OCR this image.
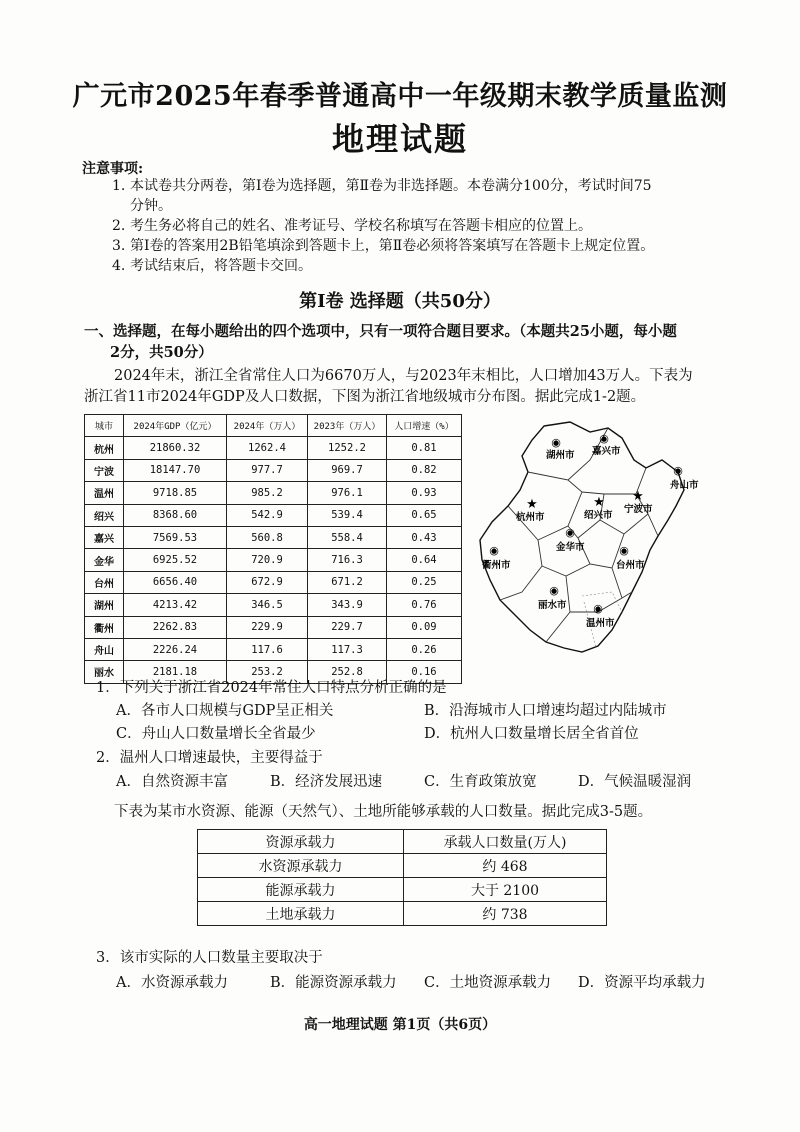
广元市2025年春季普通高中一年级期末教学质量监测
地理试题
注意事项:
1. 本试卷共分两卷，第Ⅰ卷为选择题，第Ⅱ卷为非选择题。本卷满分100分，考试时间75
分钟。
2. 考生务必将自己的姓名、准考证号、学校名称填写在答题卡相应的位置上。
3. 第Ⅰ卷的答案用2B铅笔填涂到答题卡上，第Ⅱ卷必须将答案填写在答题卡上规定位置。
4. 考试结束后，将答题卡交回。
第Ⅰ卷 选择题（共50分）
一、选择题，在每小题给出的四个选项中，只有一项符合题目要求。（本题共25小题，每小题
2分，共50分）
2024年末，浙江全省常住人口为6670万人，与2023年末相比，人口增加43万人。下表为
浙江省11市2024年GDP及人口数据，下图为浙江省地级城市分布图。据此完成1-2题。
城市	2024年GDP（亿元）	2024年（万人）	2023年（万人）	人口增速（%）
杭州	21860.32	1262.4	1252.2	0.81
宁波	18147.70	977.7	969.7	0.82
温州	9718.85	985.2	976.1	0.93
绍兴	8368.60	542.9	539.4	0.65
嘉兴	7569.53	560.8	558.4	0.43
金华	6925.52	720.9	716.3	0.64
台州	6656.40	672.9	671.2	0.25
湖州	4213.42	346.5	343.9	0.76
衢州	2262.83	229.9	229.7	0.09
舟山	2226.24	117.6	117.3	0.26
丽水	2181.18	253.2	252.8	0.16
★	★ ★
◉	◉
◉
◉
◉	◉
◉
◉
湖州市 嘉兴市
舟山市
杭州市	绍兴市
宁波市
金华市
衢州市	台州市
丽水市
温州市
1．下列关于浙江省2024年常住人口特点分析正确的是
A．各市人口规模与GDP呈正相关	B．沿海城市人口增速均超过内陆城市
C．舟山人口数量增长全省最少	D．杭州人口数量增长居全省首位
2．温州人口增速最快，主要得益于
A．自然资源丰富	B．经济发展迅速	C．生育政策放宽	D．气候温暖湿润
下表为某市水资源、能源（天然气）、土地所能够承载的人口数量。据此完成3-5题。
资源承载力	承载人口数量(万人)
水资源承载力	约 468
能源承载力	大于 2100
土地承载力	约 738
3．该市实际的人口数量主要取决于
A．水资源承载力	B．能源资源承载力 C．土地资源承载力 D．资源平均承载力
高一地理试题 第1页（共6页）
